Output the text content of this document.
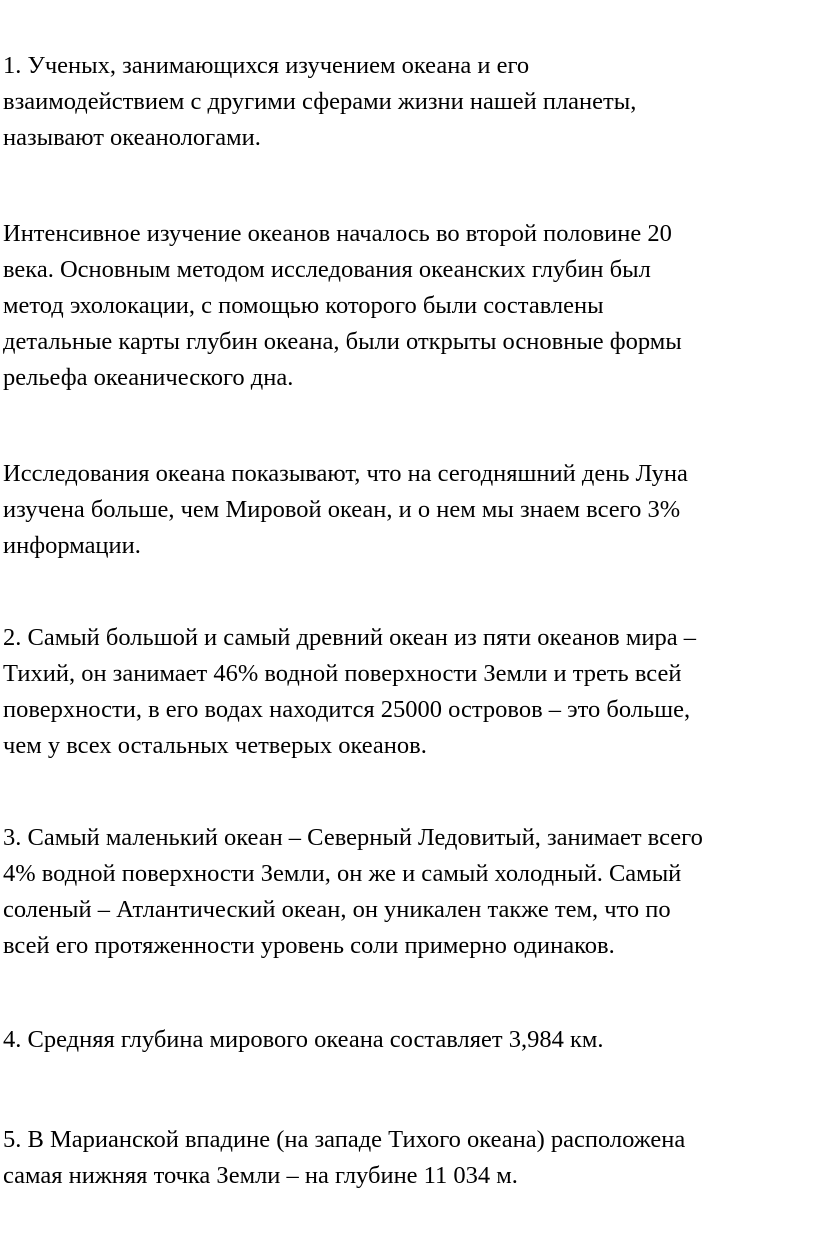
1. Ученых, занимающихся изучением океана и его
взаимодействием с другими сферами жизни нашей планеты,
называют океанологами.

Интенсивное изучение океанов началось во второй половине 20
века. Основным методом исследования океанских глубин был
метод эхолокации, с помощью которого были составлены
детальные карты глубин океана, были открыты основные формы
рельефа океанического дна.

Исследования океана показывают, что на сегодняшний день Луна
изучена больше, чем Мировой океан, и о нем мы знаем всего 3%
информации.

2. Самый большой и самый древний океан из пяти океанов мира –
Тихий, он занимает 46% водной поверхности Земли и треть всей
поверхности, в его водах находится 25000 островов – это больше,
чем у всех остальных четверых океанов.

3. Самый маленький океан – Северный Ледовитый, занимает всего
4% водной поверхности Земли, он же и самый холодный. Самый
соленый – Атлантический океан, он уникален также тем, что по
всей его протяженности уровень соли примерно одинаков.

4. Средняя глубина мирового океана составляет 3,984 км.

5. В Марианской впадине (на западе Тихого океана) расположена
самая нижняя точка Земли – на глубине 11 034 м.
